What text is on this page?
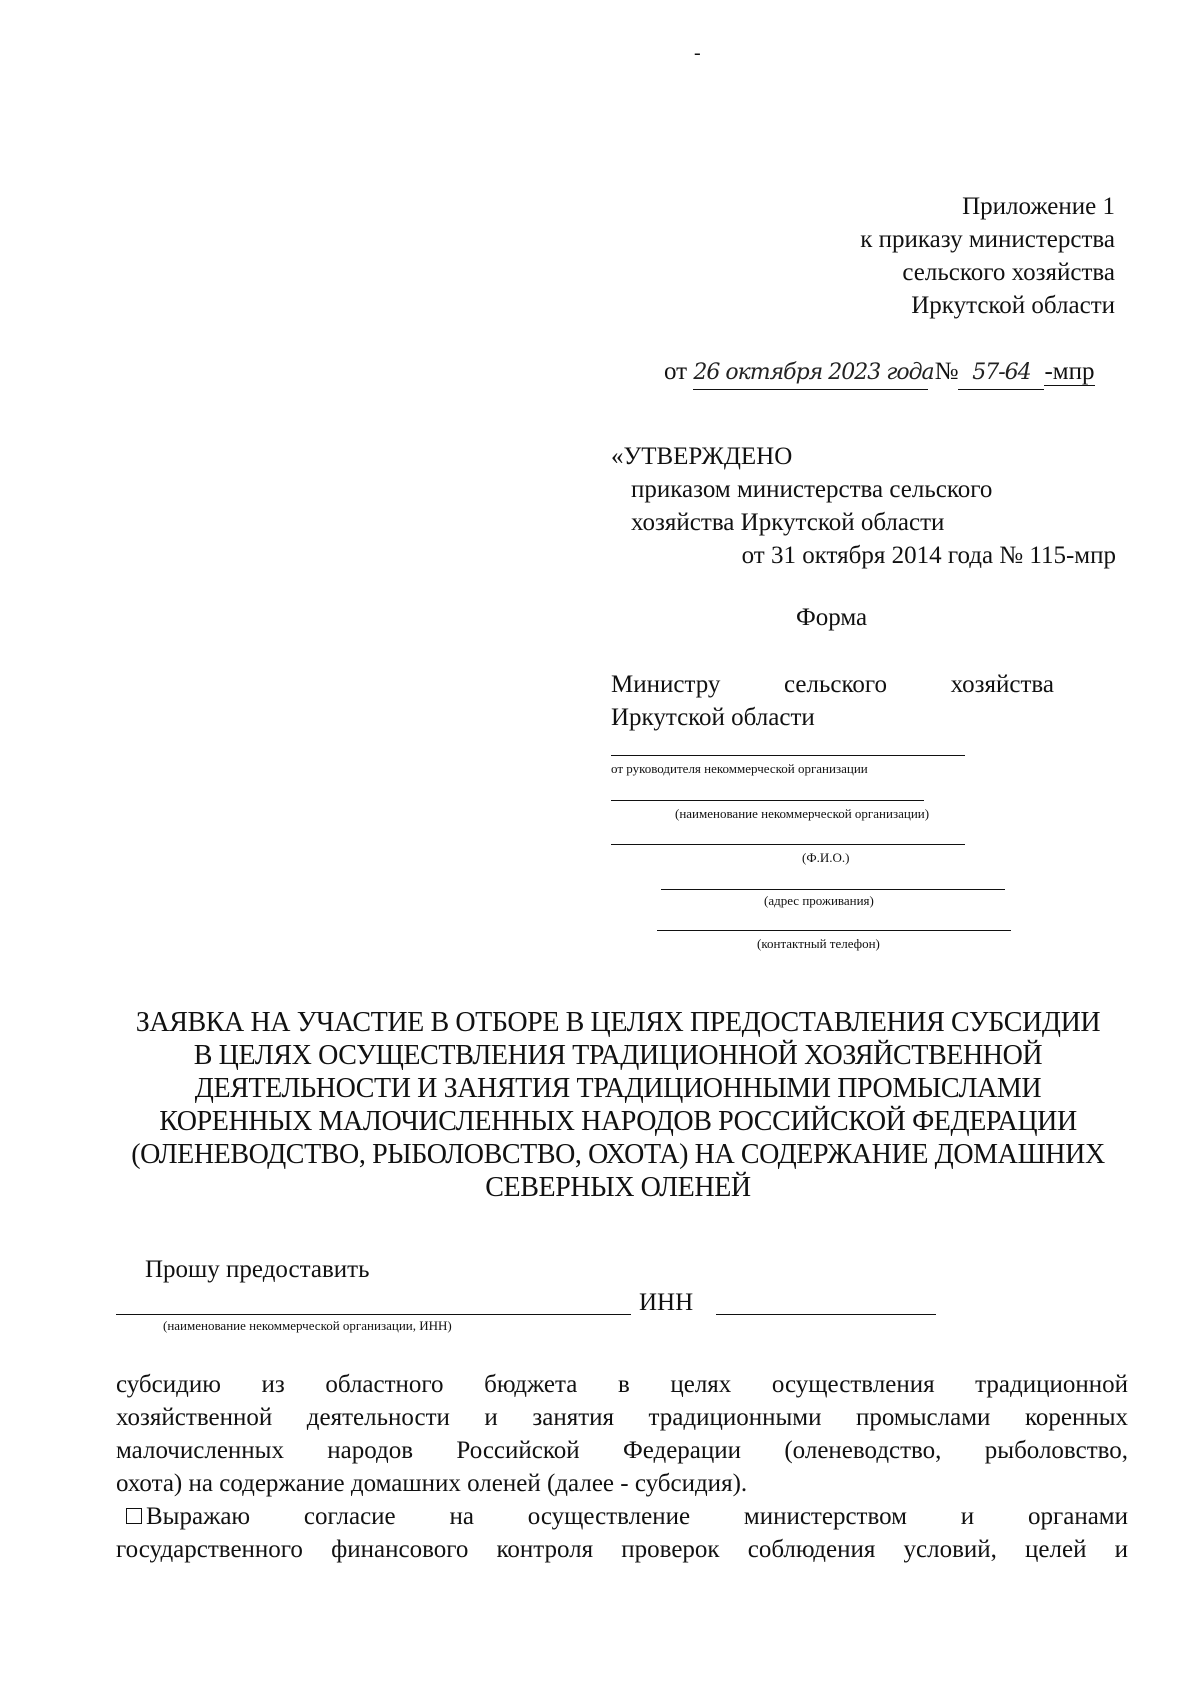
-
Приложение 1
к приказу министерства
сельского хозяйства
Иркутской области
от 26 октября 2023 года № 57-64 -мпр
«УТВЕРЖДЕНО
приказом министерства сельского
хозяйства Иркутской области
от 31 октября 2014 года № 115-мпр
Форма
Министру	сельского	хозяйства
Иркутской области
от руководителя некоммерческой организации
(наименование некоммерческой организации)
(Ф.И.О.)
(адрес проживания)
(контактный телефон)
ЗАЯВКА НА УЧАСТИЕ В ОТБОРЕ В ЦЕЛЯХ ПРЕДОСТАВЛЕНИЯ СУБСИДИИ
В ЦЕЛЯХ ОСУЩЕСТВЛЕНИЯ ТРАДИЦИОННОЙ ХОЗЯЙСТВЕННОЙ
ДЕЯТЕЛЬНОСТИ И ЗАНЯТИЯ ТРАДИЦИОННЫМИ ПРОМЫСЛАМИ
КОРЕННЫХ МАЛОЧИСЛЕННЫХ НАРОДОВ РОССИЙСКОЙ ФЕДЕРАЦИИ
(ОЛЕНЕВОДСТВО, РЫБОЛОВСТВО, ОХОТА) НА СОДЕРЖАНИЕ ДОМАШНИХ
СЕВЕРНЫХ ОЛЕНЕЙ
Прошу предоставить
ИНН
(наименование некоммерческой организации, ИНН)
субсидию из областного бюджета в целях осуществления традиционной
хозяйственной деятельности и занятия традиционными промыслами коренных
малочисленных народов Российской Федерации (оленеводство, рыболовство,
охота) на содержание домашних оленей (далее - субсидия).
Выражаю согласие на осуществление министерством и органами
государственного финансового контроля проверок соблюдения условий, целей и
